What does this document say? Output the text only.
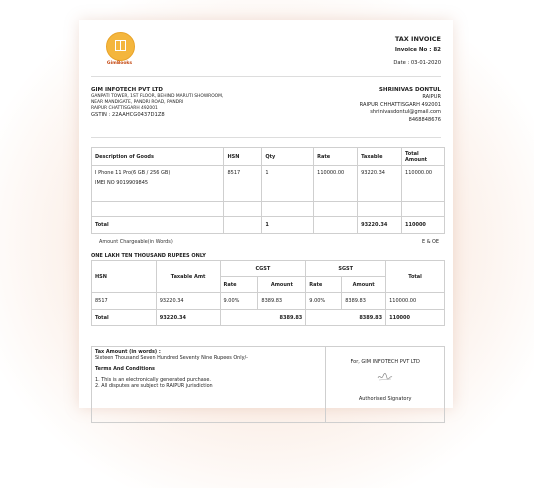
GimBooks
TAX INVOICE
Invoice No : 82
Date : 03-01-2020
GIM INFOTECH PVT LTD
GANPATI TOWER, 1ST FLOOR, BEHIND MARUTI SHOWROOM,
NEAR MANDIGATE, PANDRI ROAD, PANDRI
RAIPUR CHATTISGARH 492001
GSTIN : 22AAHCG0437D1Z8
SHRINIVAS DONTUL
RAIPUR
RAIPUR CHHATTISGARH 492001
shrinivasdontul@gmail.com
8468848676
Description of Goods	HSN	Qty	Rate	Taxable	Total Amount

I Phone 11 Pro(6 GB / 256 GB)
IMEI NO 9019909845	8517	1	110000.00	93220.34	110000.00

Total		1		93220.34	110000
Amount Chargeable(in Words)	E & OE
ONE LAKH TEN THOUSAND RUPEES ONLY
HSN	Taxable Amt	CGST		SGST		Total
		Rate	Amount	Rate	Amount	
8517	93220.34	9.00%	8389.83	9.00%	8389.83	110000.00
Total	93220.34	8389.83		8389.83		110000
Tax Amount (in words) :
Sixteen Thousand Seven Hundred Seventy Nine Rupees Only/-
Terms And Conditions
1. This is an electronically generated purchase.
2. All disputes are subject to RAIPUR jurisdiction

For, GIM INFOTECH PVT LTD
Authorised Signatory
